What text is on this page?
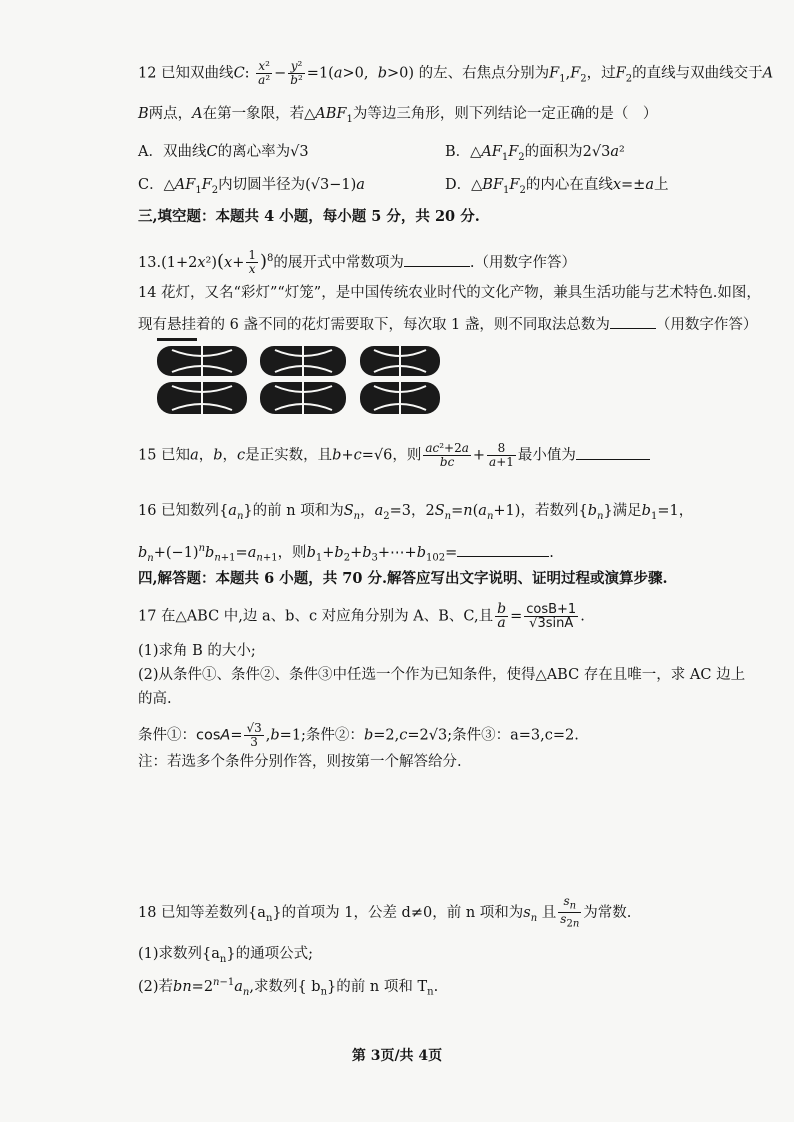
12 已知双曲线C: $\frac{\text{x²}}{\text{a²}} - \frac{\text{y²}}{\text{b²}} =1(a>0$,  b>0) 的左、右焦点分别为$F_1,F_2$，过$F_2$的直线与双曲线交于A
B两点，A在第一象限，若$\triangle ABF_1$为等边三角形，则下列结论一定正确的是（　）
A．双曲线C的离心率为√3	B．$\triangle AF_1F_2$的面积为2√3a²
C．$\triangle AF_1F_2$内切圆半径为(√3−1)a	D．$\triangle BF_1F_2$的内心在直线x=±a上
三,填空题：本题共 4 小题，每小题 5 分，共 20 分.
$13.(1+2x^2)(x+ \frac{1}{x} )^8$的展开式中常数项为	.（用数字作答）
14 花灯，又名“彩灯”“灯笼”，是中国传统农业时代的文化产物，兼具生活功能与艺术特色.如图，
现有悬挂着的 6 盏不同的花灯需要取下，每次取 1 盏，则不同取法总数为	（用数字作答）
15 已知a，b，c是正实数，且b+c=√6，则 $\frac{\text{ac²+2a}}{bc} + \frac{8}{a+1}$ 最小值为
16 已知数列$\{a_n\}$的前 n 项和为$S_n$，$a_2=3$，$2S_n=n(a_n+1)$，若数列$\{b_n\}$满足$b_1=1$，
$b_n+(-1)^nb_{n+1}=a_{n+1}$，则$b_1+b_2+b_3+\cdots+b_{102}=$	.
四,解答题：本题共 6 小题，共 70 分.解答应写出文字说明、证明过程或演算步骤.
17 在△ABC 中,边 a、b、c 对应角分别为 A、B、C,且 $\frac{b}{a} = \frac{\cos B+1}{√3\sin A}$ .
(1)求角 B 的大小;
(2)从条件①、条件②、条件③中任选一个作为已知条件，使得△ABC 存在且唯一，求 AC 边上
的高.
条件①：$\cos A= \frac{√3}{3} ,b=1$;条件②：b=2,c=2√3;条件③：a=3,c=2.
注：若选多个条件分别作答，则按第一个解答给分.
18 已知等差数列$\{a_n\}$的首项为 1，公差 d≠0，前 n 项和为$s_n$ 且 $\frac{s_n}{s_{2n}}$ 为常数.
(1)求数列$\{a_n\}$的通项公式;
(2)若$bn=2^{n-1}a_n$,求数列{ $b_n$}的前 n 项和 $T_n$.
第 3页/共 4页
